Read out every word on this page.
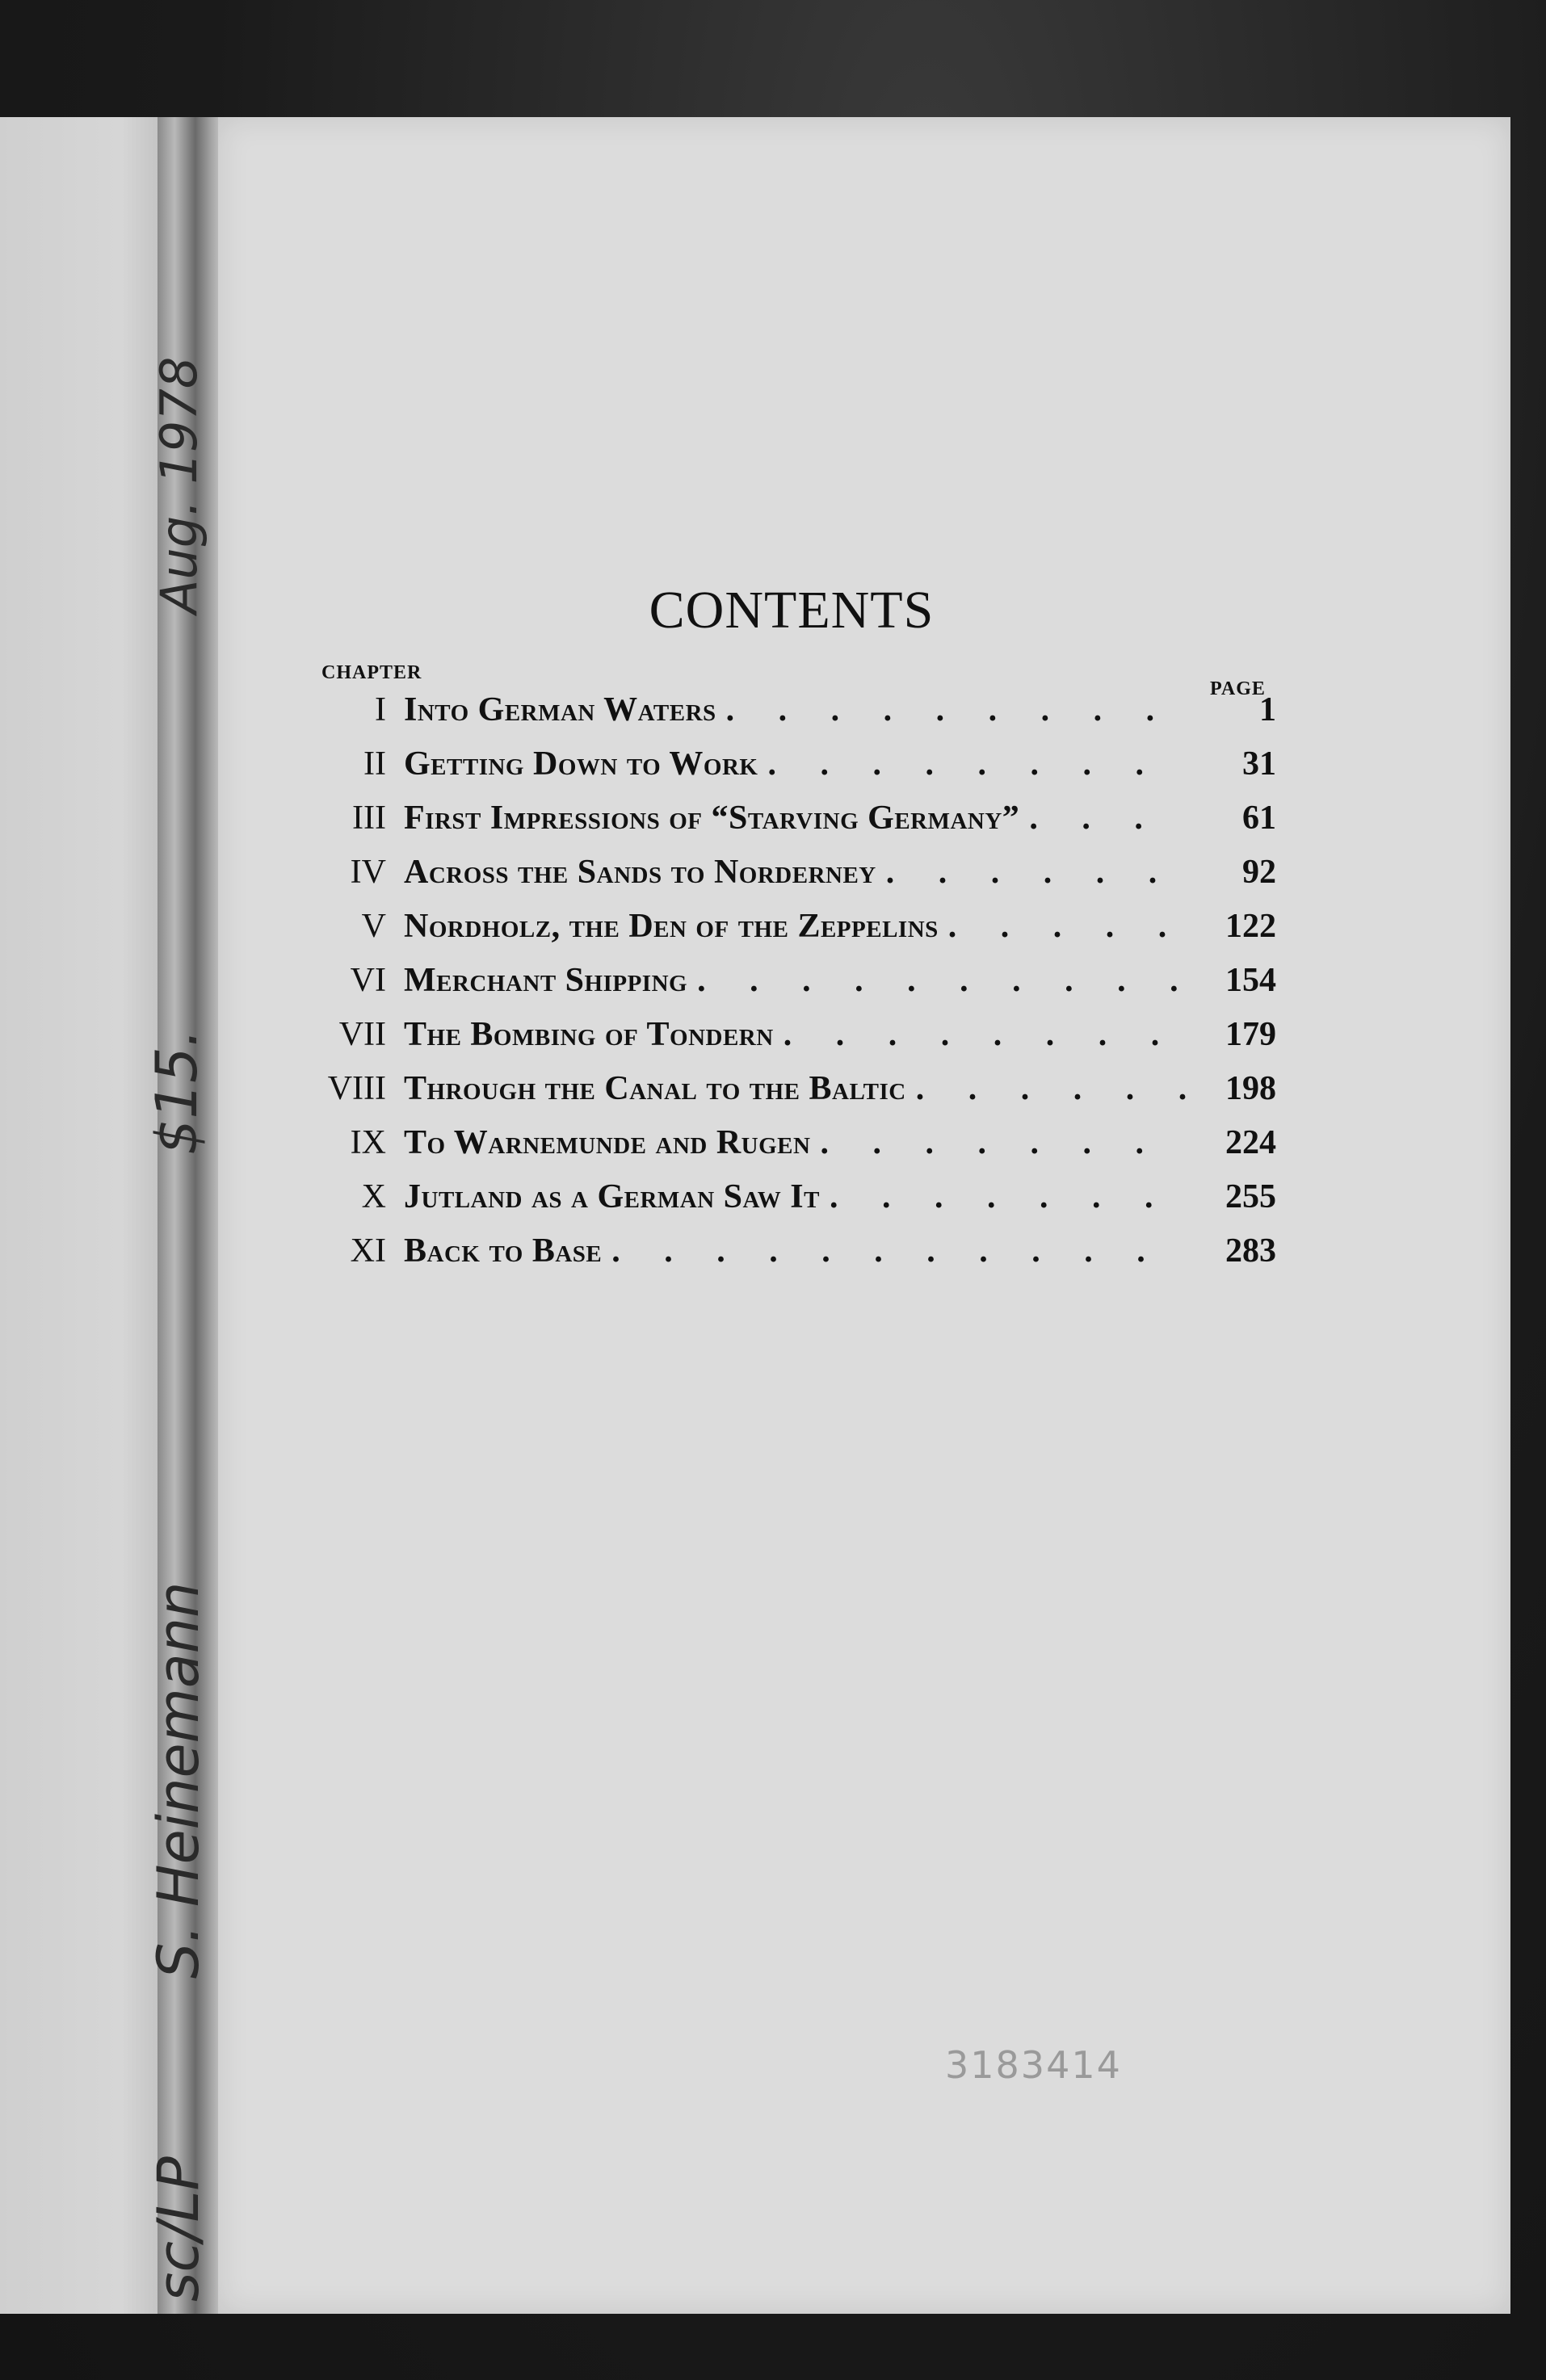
Aug. 1978
$15.
S. Heinemann
sc/LP
CONTENTS
CHAPTER
PAGE
I Into German Waters . . .	1
II Getting Down to Work . . .	31
III First Impressions of “Starving Germany” . . .	61
IV Across the Sands to Norderney . . .	92
V Nordholz, the Den of the Zeppelins . . .	122
VI Merchant Shipping . . .	154
VII The Bombing of Tondern . . .	179
VIII Through the Canal to the Baltic . . .	198
IX To Warnemunde and Rugen . . .	224
X Jutland as a German Saw It . . .	255
XI Back to Base . . .	283
3183414
